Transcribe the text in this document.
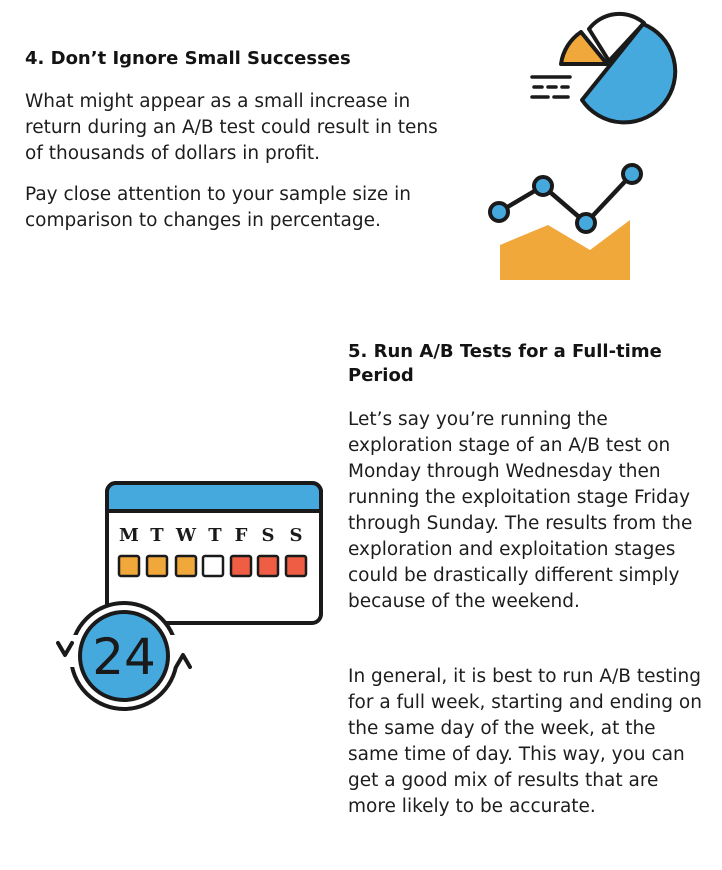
4. Don’t Ignore Small Successes

What might appear as a small increase in return during an A/B test could result in tens of thousands of dollars in profit.

Pay close attention to your sample size in comparison to changes in percentage.

5. Run A/B Tests for a Full-time Period

Let’s say you’re running the exploration stage of an A/B test on Monday through Wednesday then running the exploitation stage Friday through Sunday. The results from the exploration and exploitation stages could be drastically different simply because of the weekend.

In general, it is best to run A/B testing for a full week, starting and ending on the same day of the week, at the same time of day. This way, you can get a good mix of results that are more likely to be accurate.

M T W T F S S
24
